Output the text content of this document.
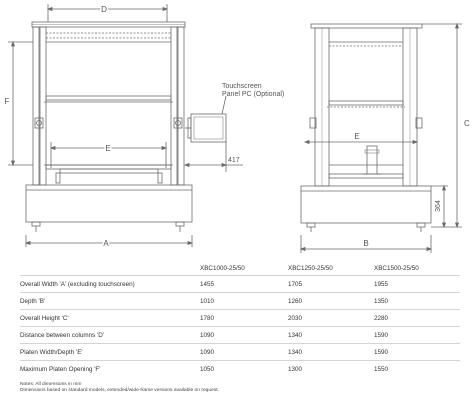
D
E
F
A
Touchscreen
Panel PC (Optional)
417
E
C
364
B
	XBC1000-25/50	XBC1250-25/50	XBC1500-25/50
Overall Width 'A' (excluding touchscreen)	1455	1705	1955
Depth 'B'	1010	1260	1350
Overall Height 'C'	1780	2030	2280
Distance between columns 'D'	1090	1340	1590
Platen Width/Depth 'E'	1090	1340	1590
Maximum Platen Opening 'F'	1050	1300	1550
Notes: All dimensions in mm
Dimensions based on standard models, extended/wide-frame versions available on request.
